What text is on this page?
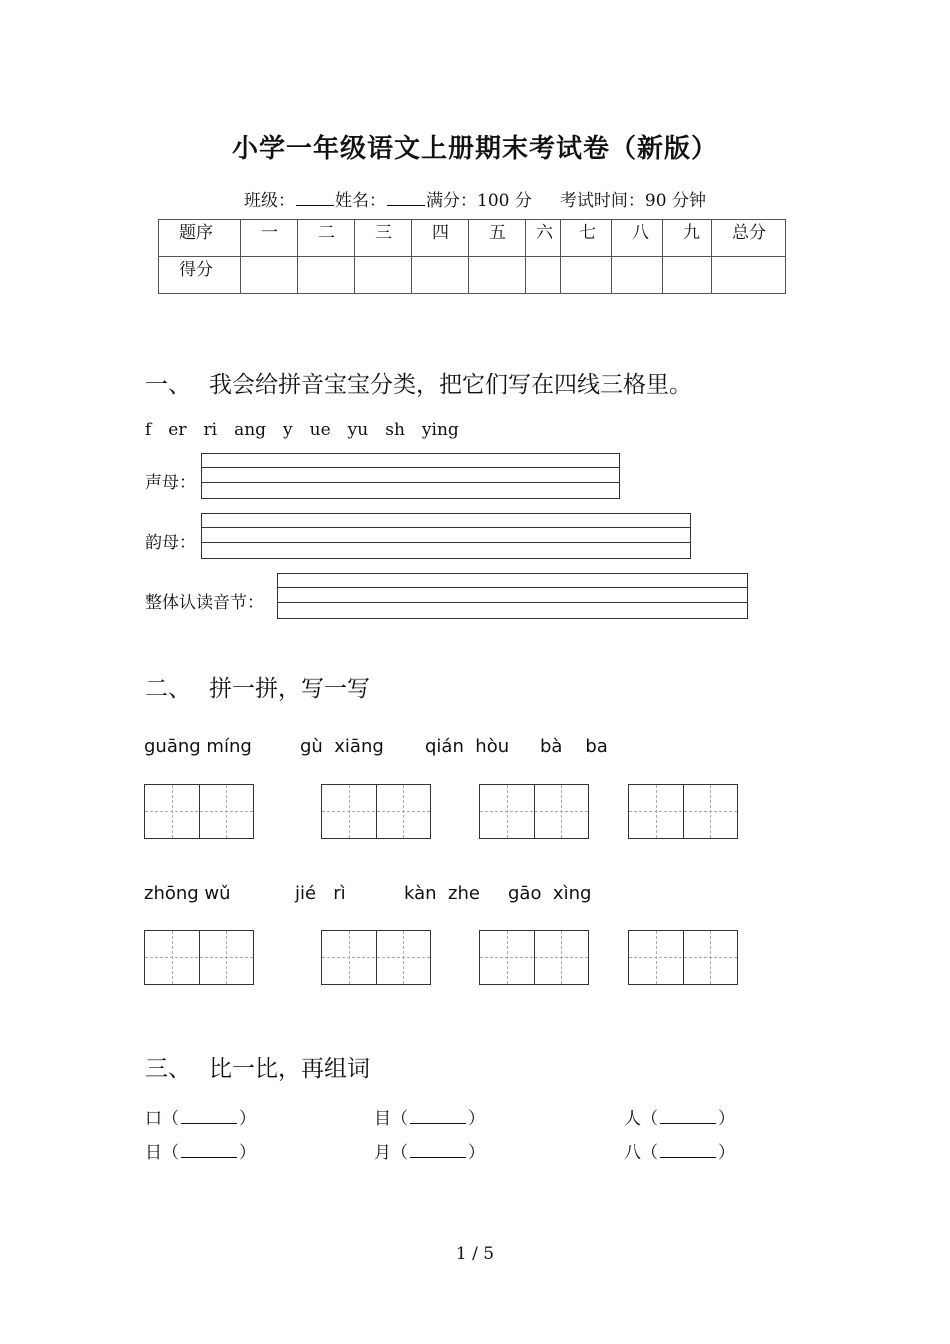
小学一年级语文上册期末考试卷（新版）
班级： 姓名： 满分：100 分 考试时间：90 分钟
题序	一	二	三	四	五	六	七	八	九	总分
得分										
一、 我会给拼音宝宝分类，把它们写在四线三格里。
f er ri ang y ue yu sh ying
声母：
韵母：
整体认读音节：
二、 拼一拼，写一写
guāng míng	gù  xiāng qián  hòu bà    ba
zhōng wǔ	jié   rì	kàn  zhe gāo  xìng
三、 比一比，再组词
口（	）	目（	）	人（	）
日（	）	月（	）	八（	）
1 / 5
